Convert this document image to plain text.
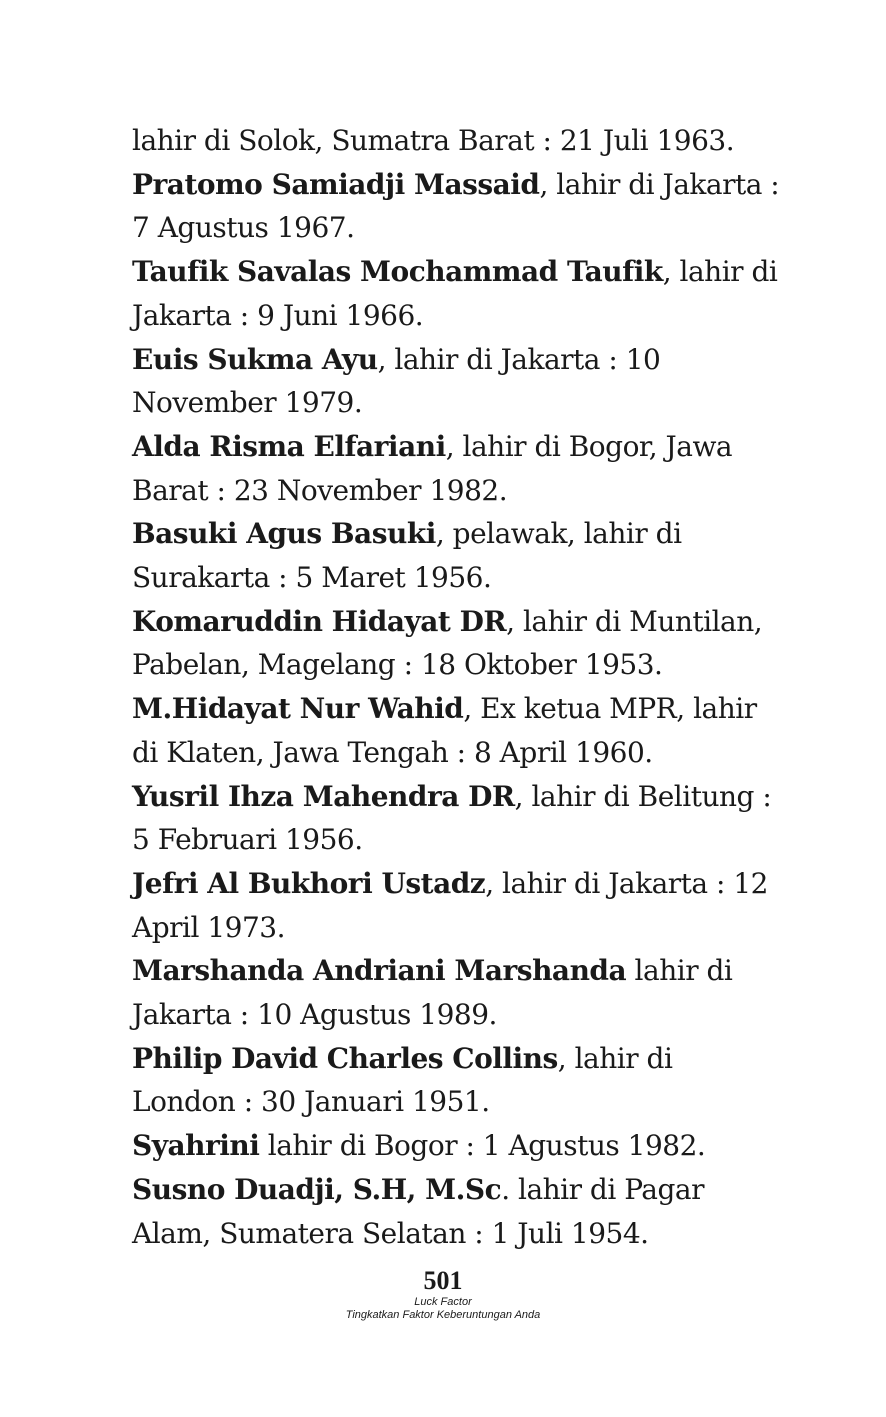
lahir di Solok, Sumatra Barat : 21 Juli 1963.

Pratomo Samiadji Massaid, lahir di Jakarta : 7 Agustus 1967.

Taufik Savalas Mochammad Taufik, lahir di Jakarta : 9 Juni 1966.

Euis Sukma Ayu, lahir di Jakarta : 10 November 1979.

Alda Risma Elfariani, lahir di Bogor, Jawa Barat : 23 November 1982.

Basuki Agus Basuki, pelawak, lahir di Surakarta : 5 Maret 1956.

Komaruddin Hidayat DR, lahir di Muntilan, Pabelan, Magelang : 18 Oktober 1953.

M.Hidayat Nur Wahid, Ex ketua MPR, lahir di Klaten, Jawa Tengah : 8 April 1960.

Yusril Ihza Mahendra DR, lahir di Belitung : 5 Februari 1956.

Jefri Al Bukhori Ustadz, lahir di Jakarta : 12 April 1973.

Marshanda Andriani Marshanda lahir di Jakarta : 10 Agustus 1989.

Philip David Charles Collins, lahir di London : 30 Januari 1951.

Syahrini lahir di Bogor : 1 Agustus 1982.

Susno Duadji, S.H, M.Sc. lahir di Pagar Alam, Sumatera Selatan : 1 Juli 1954.

501
Luck Factor
Tingkatkan Faktor Keberuntungan Anda
